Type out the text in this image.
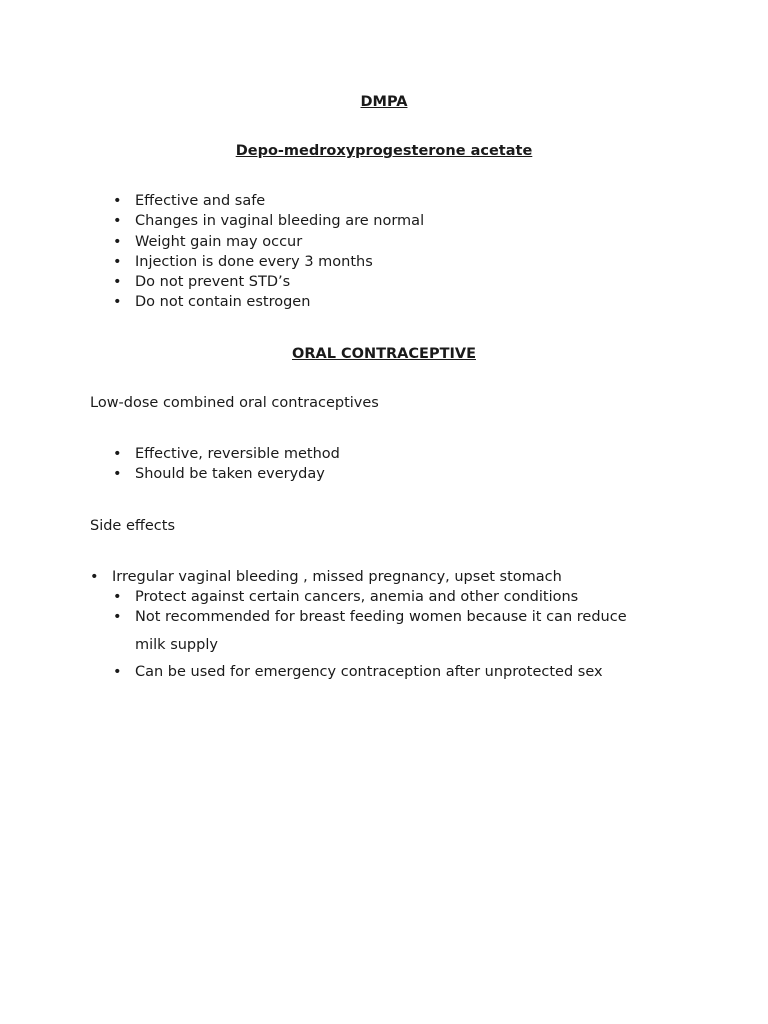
DMPA
Depo-medroxyprogesterone acetate
• Effective and safe
• Changes in vaginal bleeding are normal
• Weight gain may occur
• Injection is done every 3 months
• Do not prevent STD’s
• Do not contain estrogen
ORAL CONTRACEPTIVE

Low-dose combined oral contraceptives

• Effective, reversible method
• Should be taken everyday

Side effects

• Irregular vaginal bleeding , missed pregnancy, upset stomach
• Protect against certain cancers, anemia and other conditions
• Not recommended for breast feeding women because it can reduce
milk supply
• Can be used for emergency contraception after unprotected sex
